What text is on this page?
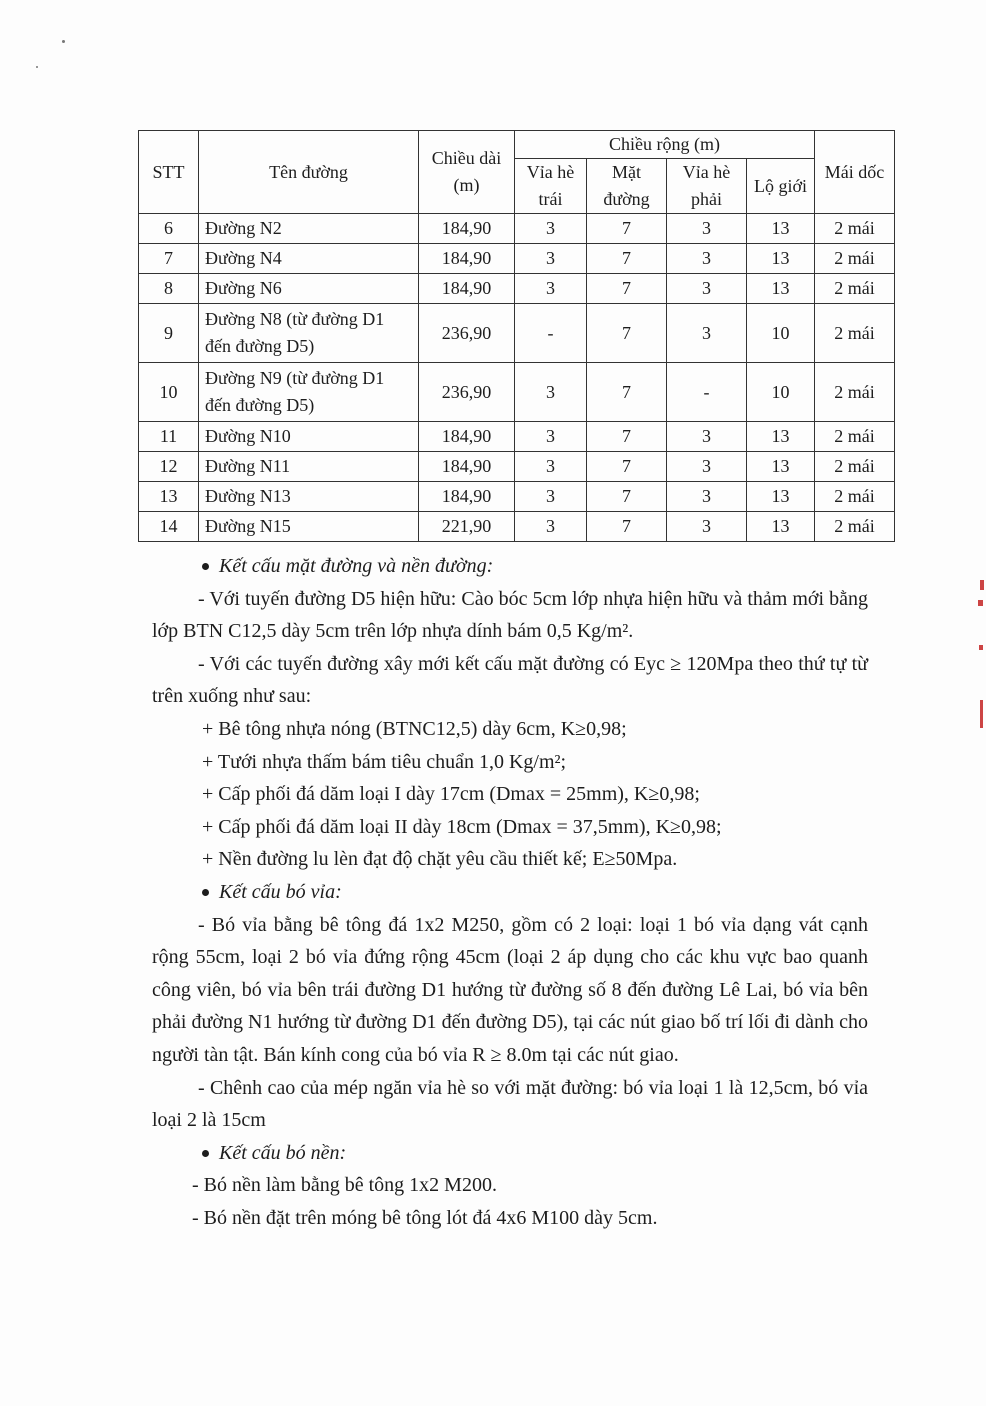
STT	Tên đường	Chiều dài (m)	Chiều rộng (m)				Mái dốc
			Vỉa hè trái	Mặt đường	Vỉa hè phải	Lộ giới	
6	Đường N2	184,90	3	7	3	13	2 mái
7	Đường N4	184,90	3	7	3	13	2 mái
8	Đường N6	184,90	3	7	3	13	2 mái
9	Đường N8 (từ đường D1 đến đường D5)	236,90	-	7	3	10	2 mái
10	Đường N9 (từ đường D1 đến đường D5)	236,90	3	7	-	10	2 mái
11	Đường N10	184,90	3	7	3	13	2 mái
12	Đường N11	184,90	3	7	3	13	2 mái
13	Đường N13	184,90	3	7	3	13	2 mái
14	Đường N15	221,90	3	7	3	13	2 mái

Kết cấu mặt đường và nền đường:

- Với tuyến đường D5 hiện hữu: Cào bóc 5cm lớp nhựa hiện hữu và thảm mới bằng lớp BTN C12,5 dày 5cm trên lớp nhựa dính bám 0,5 Kg/m².

- Với các tuyến đường xây mới kết cấu mặt đường có Eyc ≥ 120Mpa theo thứ tự từ trên xuống như sau:

+ Bê tông nhựa nóng (BTNC12,5) dày 6cm, K≥0,98;

+ Tưới nhựa thấm bám tiêu chuẩn 1,0 Kg/m²;

+ Cấp phối đá dăm loại I dày 17cm (Dmax = 25mm), K≥0,98;

+ Cấp phối đá dăm loại II dày 18cm (Dmax = 37,5mm), K≥0,98;

+ Nền đường lu lèn đạt độ chặt yêu cầu thiết kế; E≥50Mpa.

Kết cấu bó vỉa:

- Bó vỉa bằng bê tông đá 1x2 M250, gồm có 2 loại: loại 1 bó vỉa dạng vát cạnh rộng 55cm, loại 2 bó vỉa đứng rộng 45cm (loại 2 áp dụng cho các khu vực bao quanh công viên, bó vỉa bên trái đường D1 hướng từ đường số 8 đến đường Lê Lai, bó vỉa bên phải đường N1 hướng từ đường D1 đến đường D5), tại các nút giao bố trí lối đi dành cho người tàn tật. Bán kính cong của bó vỉa R ≥ 8.0m tại các nút giao.

- Chênh cao của mép ngăn vỉa hè so với mặt đường: bó vỉa loại 1 là 12,5cm, bó vỉa loại 2 là 15cm

Kết cấu bó nền:

- Bó nền làm bằng bê tông 1x2 M200.

- Bó nền đặt trên móng bê tông lót đá 4x6 M100 dày 5cm.
